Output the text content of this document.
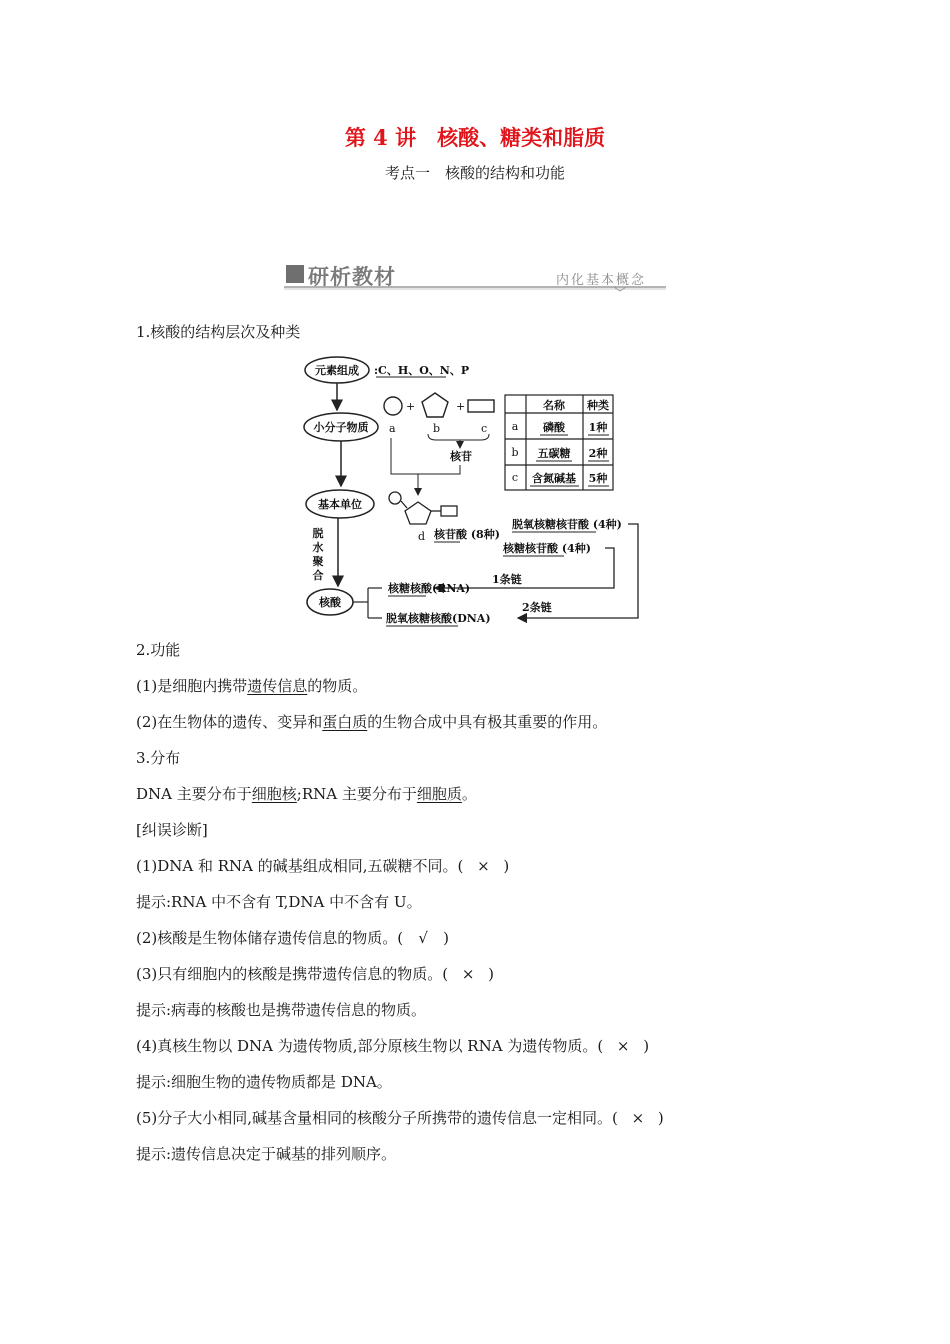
第 4 讲　核酸、糖类和脂质
考点一　核酸的结构和功能
研析教材	内化基本概念
1.核酸的结构层次及种类
元素组成 :C、H、O、N、P
小分子物质
基本单位
核酸
脱
水
聚
合
+	+
a	b	c
核苷
d 核苷酸 (8种)
名称 种类
a 磷酸 1种
b 五碳糖 2种
c 含氮碱基 5种
脱氧核糖核苷酸 (4种)
核糖核苷酸 (4种)
1条链
2条链
核糖核酸(RNA)
脱氧核糖核酸(DNA)
2.功能
(1)是细胞内携带遗传信息的物质。
(2)在生物体的遗传、变异和蛋白质的生物合成中具有极其重要的作用。
3.分布
DNA 主要分布于细胞核;RNA 主要分布于细胞质。
[纠误诊断]
(1)DNA 和 RNA 的碱基组成相同,五碳糖不同。( × )
提示:RNA 中不含有 T,DNA 中不含有 U。
(2)核酸是生物体储存遗传信息的物质。( √ )
(3)只有细胞内的核酸是携带遗传信息的物质。( × )
提示:病毒的核酸也是携带遗传信息的物质。
(4)真核生物以 DNA 为遗传物质,部分原核生物以 RNA 为遗传物质。( × )
提示:细胞生物的遗传物质都是 DNA。
(5)分子大小相同,碱基含量相同的核酸分子所携带的遗传信息一定相同。( × )
提示:遗传信息决定于碱基的排列顺序。
